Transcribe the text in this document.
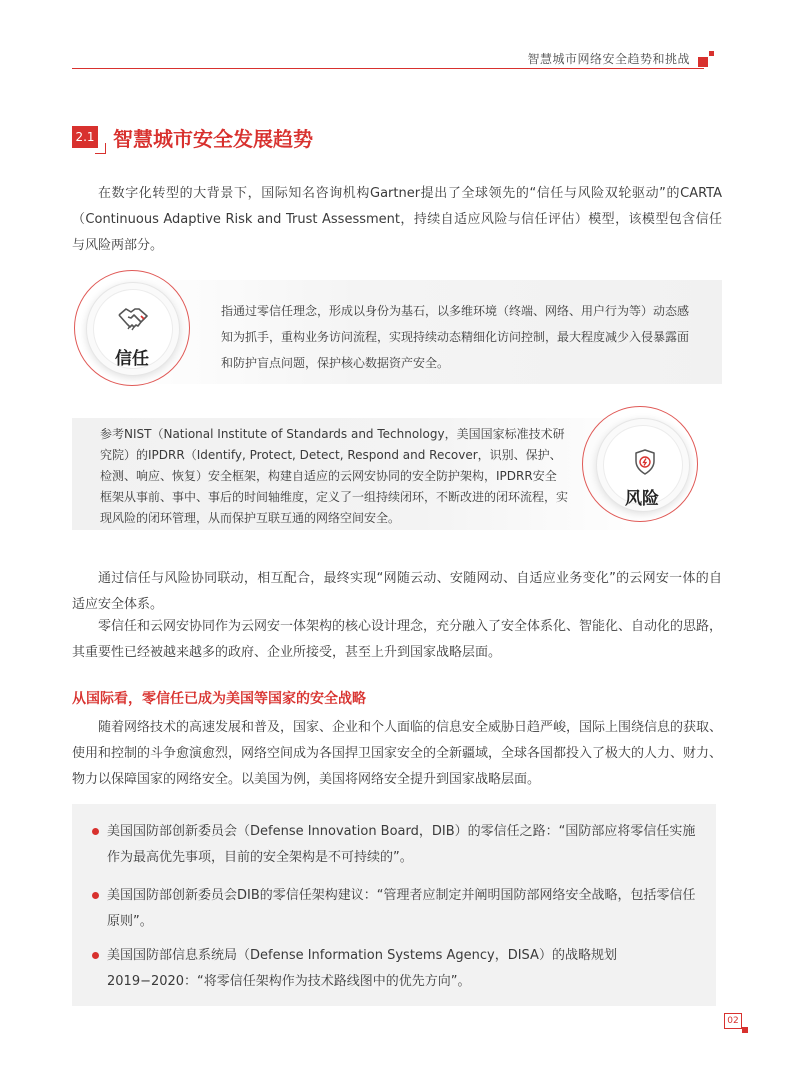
智慧城市网络安全趋势和挑战
2.1 智慧城市安全发展趋势
在数字化转型的大背景下，国际知名咨询机构Gartner提出了全球领先的“信任与风险双轮驱动”的CARTA（Continuous Adaptive Risk and Trust Assessment，持续自适应风险与信任评估）模型，该模型包含信任与风险两部分。
指通过零信任理念，形成以身份为基石，以多维环境（终端、网络、用户行为等）动态感知为抓手，重构业务访问流程，实现持续动态精细化访问控制，最大程度减少入侵暴露面和防护盲点问题，保护核心数据资产安全。
信任
参考NIST（National Institute of Standards and Technology，美国国家标准技术研究院）的IPDRR（Identify, Protect, Detect, Respond and Recover，识别、保护、检测、响应、恢复）安全框架，构建自适应的云网安协同的安全防护架构，IPDRR安全框架从事前、事中、事后的时间轴维度，定义了一组持续闭环，不断改进的闭环流程，实现风险的闭环管理，从而保护互联互通的网络空间安全。
风险
通过信任与风险协同联动，相互配合，最终实现“网随云动、安随网动、自适应业务变化”的云网安一体的自适应安全体系。
零信任和云网安协同作为云网安一体架构的核心设计理念，充分融入了安全体系化、智能化、自动化的思路，其重要性已经被越来越多的政府、企业所接受，甚至上升到国家战略层面。
从国际看，零信任已成为美国等国家的安全战略
随着网络技术的高速发展和普及，国家、企业和个人面临的信息安全威胁日趋严峻，国际上围绕信息的获取、使用和控制的斗争愈演愈烈，网络空间成为各国捍卫国家安全的全新疆域，全球各国都投入了极大的人力、财力、物力以保障国家的网络安全。以美国为例，美国将网络安全提升到国家战略层面。
美国国防部创新委员会（Defense Innovation Board，DIB）的零信任之路：“国防部应将零信任实施作为最高优先事项，目前的安全架构是不可持续的”。
美国国防部创新委员会DIB的零信任架构建议：“管理者应制定并阐明国防部网络安全战略，包括零信任原则”。
美国国防部信息系统局（Defense Information Systems Agency，DISA）的战略规划2019−2020：“将零信任架构作为技术路线图中的优先方向”。
02
